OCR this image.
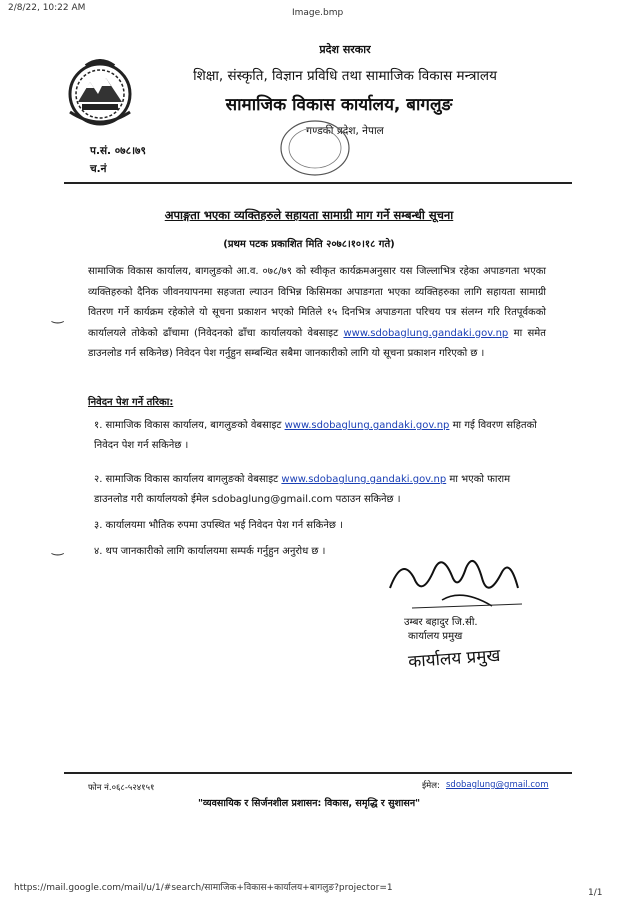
2/8/22, 10:22 AM	Image.bmp
प्रदेश सरकार
शिक्षा, संस्कृति, विज्ञान प्रविधि तथा सामाजिक विकास मन्त्रालय
सामाजिक विकास कार्यालय, बागलुङ
गण्डकी प्रदेश, नेपाल
प.सं. ०७८।७९
च.नं
अपाङ्गता भएका व्यक्तिहरुले सहायता सामाग्री माग गर्ने सम्बन्धी सूचना
(प्रथम पटक प्रकाशित मिति २०७८।१०।१८ गते)
‿
‿
सामाजिक विकास कार्यालय, बागलुङको आ.व. ०७८/७९ को स्वीकृत कार्यक्रमअनुसार यस जिल्लाभित्र रहेका अपाङगता भएका व्यक्तिहरुको दैनिक जीवनयापनमा सहजता ल्याउन विभिन्न किसिमका अपाङगता भएका व्यक्तिहरुका लागि सहायता सामाग्री वितरण गर्ने कार्यक्रम रहेकोले यो सूचना प्रकाशन भएको मितिले १५ दिनभित्र अपाङगता परिचय पत्र संलग्न गरि रितपूर्वकको कार्यालयले तोकेको ढाँचामा (निवेदनको ढाँचा कार्यालयको वेबसाइट www.sdobaglung.gandaki.gov.np मा समेत डाउनलोड गर्न सकिनेछ) निवेदन पेश गर्नुहुन सम्बन्धित सबैमा जानकारीको लागि यो सूचना प्रकाशन गरिएको छ ।
निवेदन पेश गर्ने तरिका:
१. सामाजिक विकास कार्यालय, बागलुङको वेबसाइट www.sdobaglung.gandaki.gov.np मा गई विवरण सहितको निवेदन पेश गर्न सकिनेछ ।
२. सामाजिक विकास कार्यालय बागलुङको वेबसाइट www.sdobaglung.gandaki.gov.np मा भएको फाराम डाउनलोड गरी कार्यालयको ईमेल sdobaglung@gmail.com पठाउन सकिनेछ ।
३. कार्यालयमा भौतिक रुपमा उपस्थित भई निवेदन पेश गर्न सकिनेछ ।
४. थप जानकारीको लागि कार्यालयमा सम्पर्क गर्नुहुन अनुरोध छ ।
उम्बर बहादुर जि.सी.
कार्यालय प्रमुख
कार्यालय प्रमुख
फोन नं.०६८-५२४१५१	ईमेल: sdobaglung@gmail.com
"व्यवसायिक र सिर्जनशील प्रशासन: विकास, समृद्धि र सुशासन"
https://mail.google.com/mail/u/1/#search/सामाजिक+विकास+कार्यालय+बागलुङ?projector=1	1/1
